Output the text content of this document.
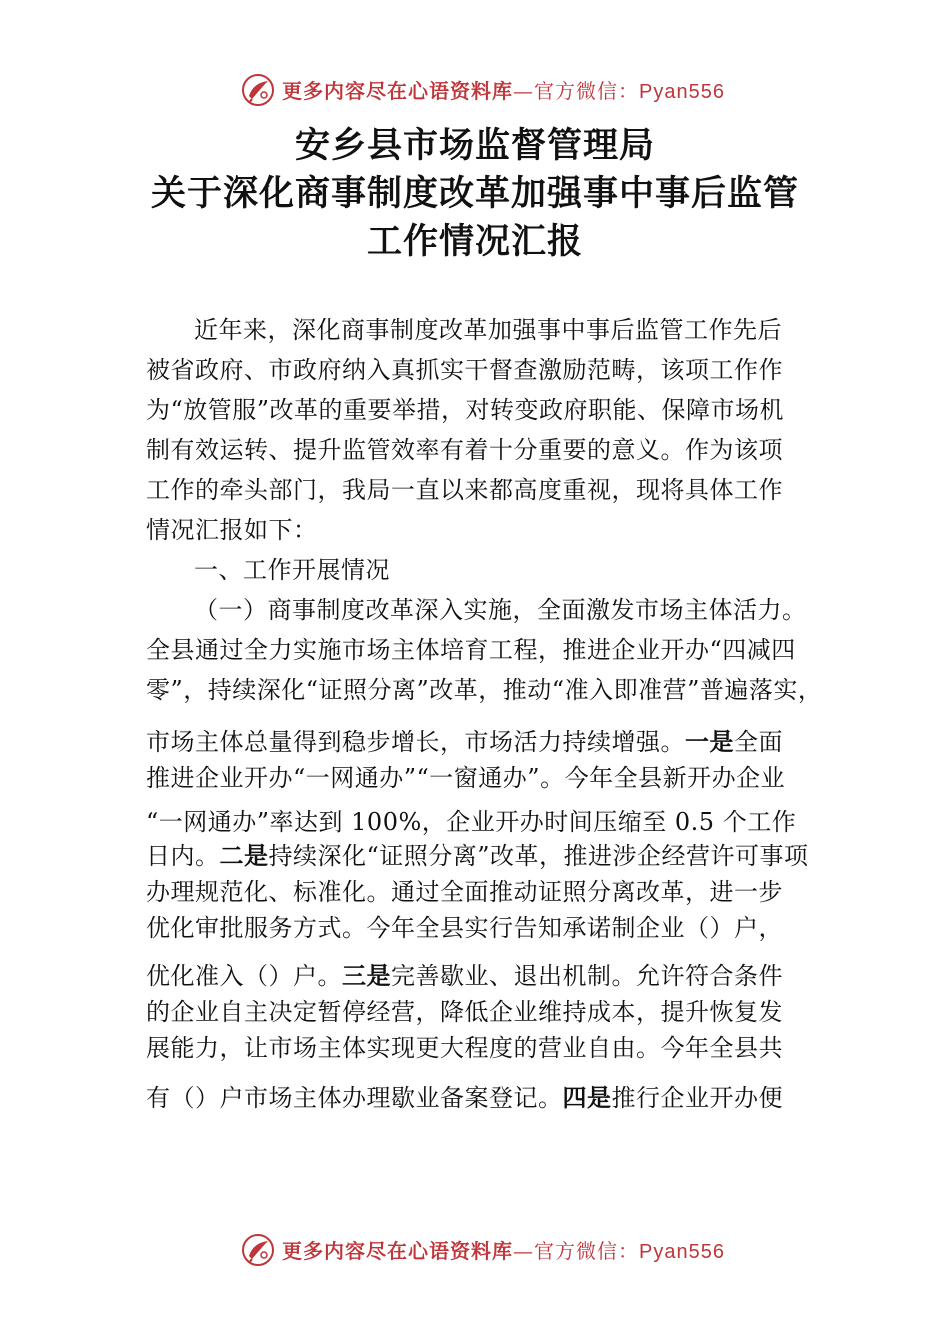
更多内容尽在心语资料库—官方微信：Pyan556
安乡县市场监督管理局
关于深化商事制度改革加强事中事后监管
工作情况汇报
近年来，深化商事制度改革加强事中事后监管工作先后
被省政府、市政府纳入真抓实干督查激励范畴，该项工作作
为“放管服”改革的重要举措，对转变政府职能、保障市场机
制有效运转、提升监管效率有着十分重要的意义。作为该项
工作的牵头部门，我局一直以来都高度重视，现将具体工作
情况汇报如下：
一、工作开展情况
（一）商事制度改革深入实施，全面激发市场主体活力。
全县通过全力实施市场主体培育工程，推进企业开办“四减四
零”，持续深化“证照分离”改革，推动“准入即准营”普遍落实，
市场主体总量得到稳步增长，市场活力持续增强。一是全面
推进企业开办“一网通办”“一窗通办”。今年全县新开办企业
“一网通办”率达到 100%，企业开办时间压缩至 0.5 个工作
日内。二是持续深化“证照分离”改革，推进涉企经营许可事项
办理规范化、标准化。通过全面推动证照分离改革，进一步
优化审批服务方式。今年全县实行告知承诺制企业（）户，
优化准入（）户。三是完善歇业、退出机制。允许符合条件
的企业自主决定暂停经营，降低企业维持成本，提升恢复发
展能力，让市场主体实现更大程度的营业自由。今年全县共
有（）户市场主体办理歇业备案登记。四是推行企业开办便
更多内容尽在心语资料库—官方微信：Pyan556
